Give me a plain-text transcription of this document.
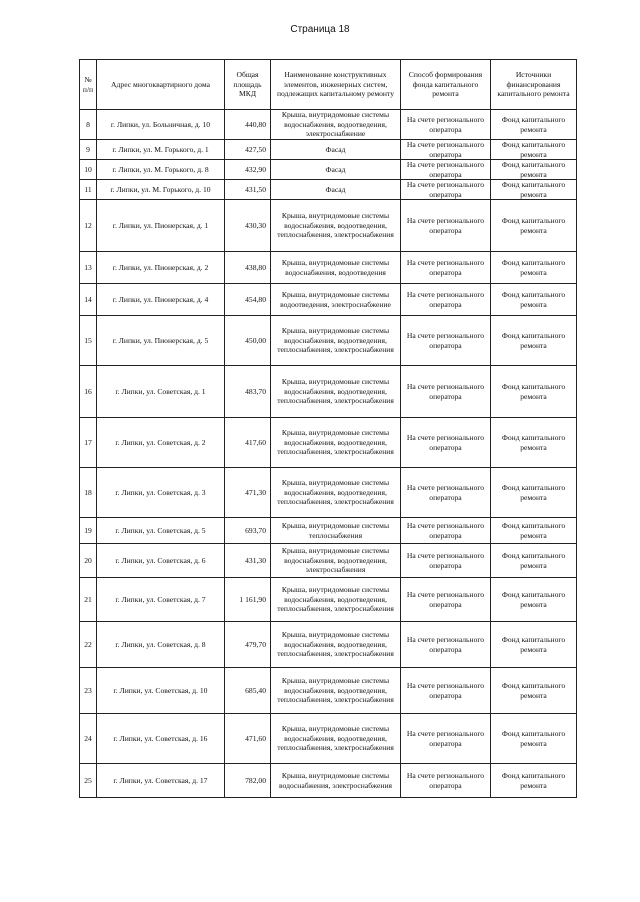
Страница 18
№ п/п	Адрес многоквартирного дома	Общая площадь МКД	Наименование конструктивных элементов, инженерных систем, подлежащих капитальному ремонту	Способ формирования фонда капитального ремонта	Источники финансирования капитального ремонта
8	г. Липки, ул. Больничная, д. 10	440,80	Крыша, внутридомовые системы водоснабжения, водоотведения, электроснабжение	На счете регионального оператора	Фонд капитального ремонта
9	г. Липки, ул. М. Горького, д. 1	427,50	Фасад	На счете регионального оператора	Фонд капитального ремонта
10	г. Липки, ул. М. Горького, д. 8	432,90	Фасад	На счете регионального оператора	Фонд капитального ремонта
11	г. Липки, ул. М. Горького, д. 10	431,50	Фасад	На счете регионального оператора	Фонд капитального ремонта
12	г. Липки, ул. Пионерская, д. 1	430,30	Крыша, внутридомовые системы водоснабжения, водоотведения, теплоснабжения, электроснабжения	На счете регионального оператора	Фонд капитального ремонта
13	г. Липки, ул. Пионерская, д. 2	438,80	Крыша, внутридомовые системы водоснабжения, водоотведения	На счете регионального оператора	Фонд капитального ремонта
14	г. Липки, ул. Пионерская, д. 4	454,80	Крыша, внутридомовые системы водоотведения, электроснабжение	На счете регионального оператора	Фонд капитального ремонта
15	г. Липки, ул. Пионерская, д. 5	450,00	Крыша, внутридомовые системы водоснабжения, водоотведения, теплоснабжения, электроснабжения	На счете регионального оператора	Фонд капитального ремонта
16	г. Липки, ул. Советская, д. 1	483,70	Крыша, внутридомовые системы водоснабжения, водоотведения, теплоснабжения, электроснабжения	На счете регионального оператора	Фонд капитального ремонта
17	г. Липки, ул. Советская, д. 2	417,60	Крыша, внутридомовые системы водоснабжения, водоотведения, теплоснабжения, электроснабжения	На счете регионального оператора	Фонд капитального ремонта
18	г. Липки, ул. Советская, д. 3	471,30	Крыша, внутридомовые системы водоснабжения, водоотведения, теплоснабжения, электроснабжения	На счете регионального оператора	Фонд капитального ремонта
19	г. Липки, ул. Советская, д. 5	693,70	Крыша, внутридомовые системы теплоснабжения	На счете регионального оператора	Фонд капитального ремонта
20	г. Липки, ул. Советская, д. 6	431,30	Крыша, внутридомовые системы водоснабжения, водоотведения, электроснабжения	На счете регионального оператора	Фонд капитального ремонта
21	г. Липки, ул. Советская, д. 7	1 161,90	Крыша, внутридомовые системы водоснабжения, водоотведения, теплоснабжения, электроснабжения	На счете регионального оператора	Фонд капитального ремонта
22	г. Липки, ул. Советская, д. 8	479,70	Крыша, внутридомовые системы водоснабжения, водоотведения, теплоснабжения, электроснабжения	На счете регионального оператора	Фонд капитального ремонта
23	г. Липки, ул. Советская, д. 10	685,40	Крыша, внутридомовые системы водоснабжения, водоотведения, теплоснабжения, электроснабжения	На счете регионального оператора	Фонд капитального ремонта
24	г. Липки, ул. Советская, д. 16	471,60	Крыша, внутридомовые системы водоснабжения, водоотведения, теплоснабжения, электроснабжения	На счете регионального оператора	Фонд капитального ремонта
25	г. Липки, ул. Советская, д. 17	782,00	Крыша, внутридомовые системы водоснабжения, электроснабжения	На счете регионального оператора	Фонд капитального ремонта
